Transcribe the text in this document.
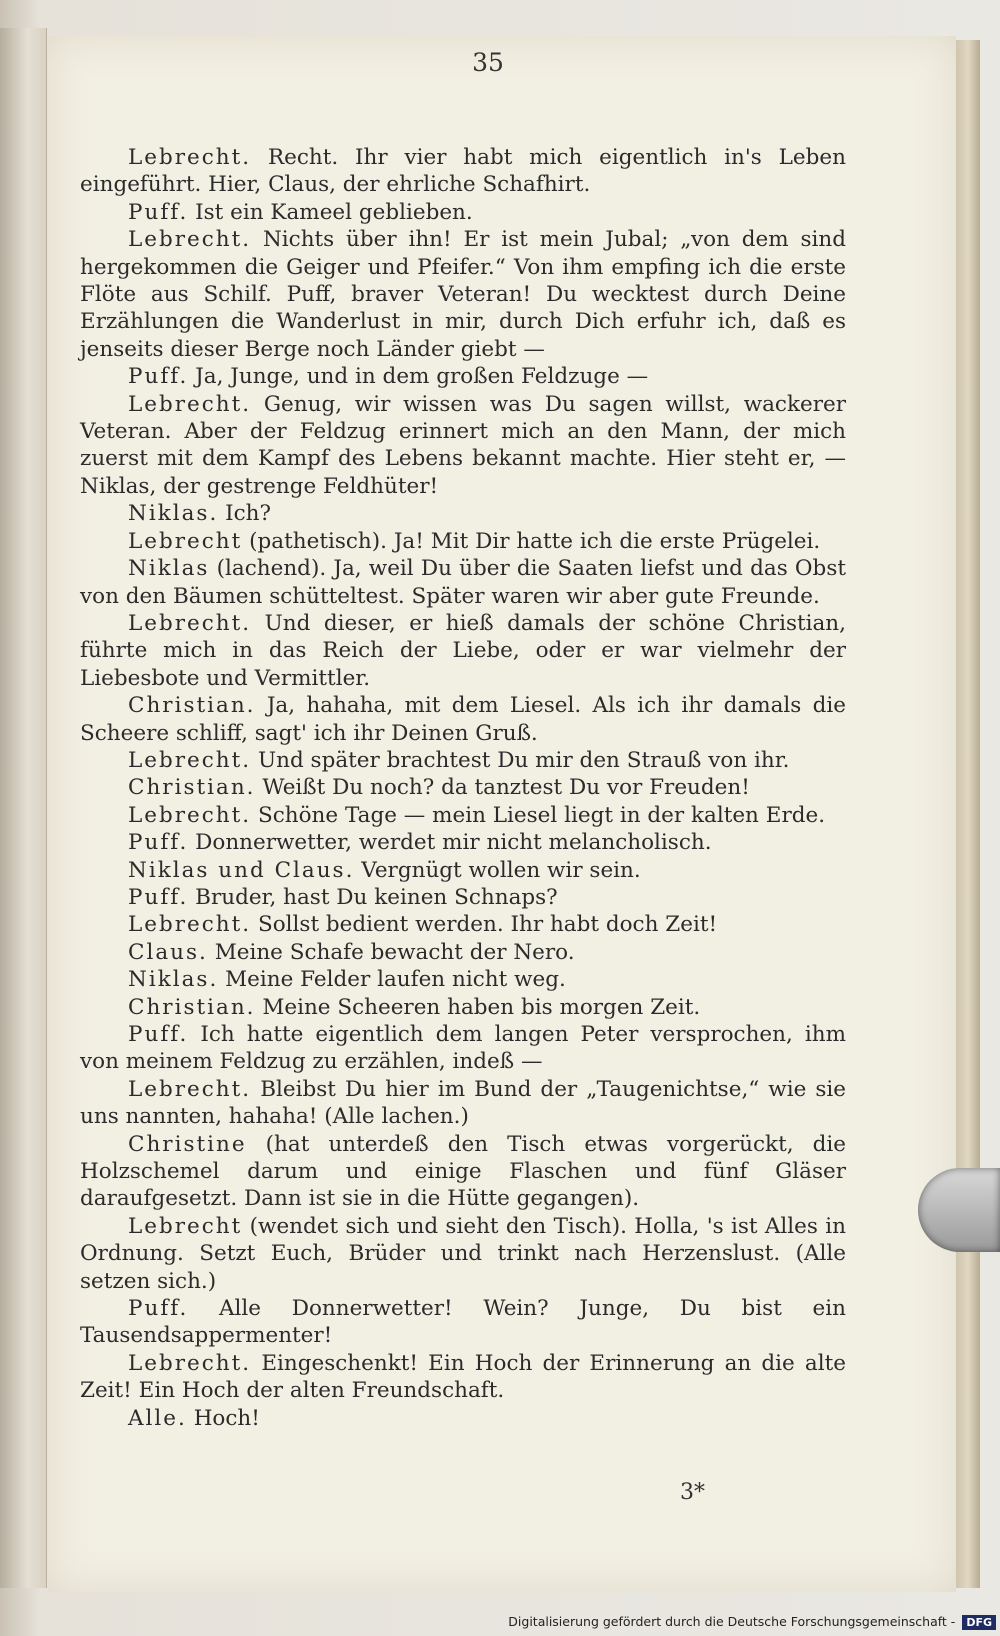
35

Lebrecht. Recht. Ihr vier habt mich eigentlich in's Leben eingeführt. Hier, Claus, der ehrliche Schafhirt.

Puff. Ist ein Kameel geblieben.

Lebrecht. Nichts über ihn! Er ist mein Jubal; „von dem sind hergekommen die Geiger und Pfeifer.“ Von ihm empfing ich die erste Flöte aus Schilf. Puff, braver Veteran! Du wecktest durch Deine Erzählungen die Wanderlust in mir, durch Dich erfuhr ich, daß es jenseits dieser Berge noch Länder giebt —

Puff. Ja, Junge, und in dem großen Feldzuge —

Lebrecht. Genug, wir wissen was Du sagen willst, wackerer Veteran. Aber der Feldzug erinnert mich an den Mann, der mich zuerst mit dem Kampf des Lebens bekannt machte. Hier steht er, — Niklas, der gestrenge Feldhüter!

Niklas. Ich?

Lebrecht (pathetisch). Ja! Mit Dir hatte ich die erste Prügelei.

Niklas (lachend). Ja, weil Du über die Saaten liefst und das Obst von den Bäumen schütteltest. Später waren wir aber gute Freunde.

Lebrecht. Und dieser, er hieß damals der schöne Christian, führte mich in das Reich der Liebe, oder er war vielmehr der Liebesbote und Vermittler.

Christian. Ja, hahaha, mit dem Liesel. Als ich ihr damals die Scheere schliff, sagt' ich ihr Deinen Gruß.

Lebrecht. Und später brachtest Du mir den Strauß von ihr.

Christian. Weißt Du noch? da tanztest Du vor Freuden!

Lebrecht. Schöne Tage — mein Liesel liegt in der kalten Erde.

Puff. Donnerwetter, werdet mir nicht melancholisch.

Niklas und Claus. Vergnügt wollen wir sein.

Puff. Bruder, hast Du keinen Schnaps?

Lebrecht. Sollst bedient werden. Ihr habt doch Zeit!

Claus. Meine Schafe bewacht der Nero.

Niklas. Meine Felder laufen nicht weg.

Christian. Meine Scheeren haben bis morgen Zeit.

Puff. Ich hatte eigentlich dem langen Peter versprochen, ihm von meinem Feldzug zu erzählen, indeß —

Lebrecht. Bleibst Du hier im Bund der „Taugenichtse,“ wie sie uns nannten, hahaha! (Alle lachen.)

Christine (hat unterdeß den Tisch etwas vorgerückt, die Holzschemel darum und einige Flaschen und fünf Gläser daraufgesetzt. Dann ist sie in die Hütte gegangen).

Lebrecht (wendet sich und sieht den Tisch). Holla, 's ist Alles in Ordnung. Setzt Euch, Brüder und trinkt nach Herzenslust. (Alle setzen sich.)

Puff. Alle Donnerwetter! Wein? Junge, Du bist ein Tausendsappermenter!

Lebrecht. Eingeschenkt! Ein Hoch der Erinnerung an die alte Zeit! Ein Hoch der alten Freundschaft.

Alle. Hoch!

3*
Digitalisierung gefördert durch die Deutsche Forschungsgemeinschaft - DFG
